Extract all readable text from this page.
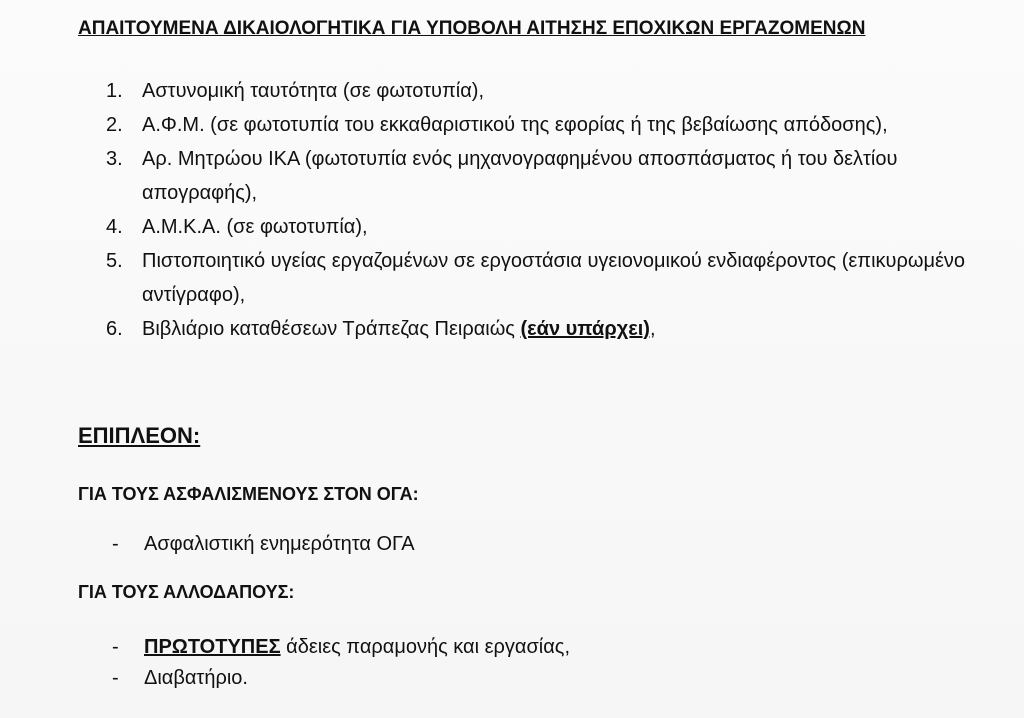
ΑΠΑΙΤΟΥΜΕΝΑ ΔΙΚΑΙΟΛΟΓΗΤΙΚΑ ΓΙΑ ΥΠΟΒΟΛΗ ΑΙΤΗΣΗΣ ΕΠΟΧΙΚΩΝ ΕΡΓΑΖΟΜΕΝΩΝ
1. Αστυνομική ταυτότητα (σε φωτοτυπία),
2. Α.Φ.Μ. (σε φωτοτυπία του εκκαθαριστικού της εφορίας ή της βεβαίωσης απόδοσης),
3. Αρ. Μητρώου ΙΚΑ (φωτοτυπία ενός μηχανογραφημένου αποσπάσματος ή του δελτίου απογραφής),
4. Α.Μ.Κ.Α. (σε φωτοτυπία),
5. Πιστοποιητικό υγείας εργαζομένων σε εργοστάσια υγειονομικού ενδιαφέροντος (επικυρωμένο αντίγραφο),
6. Βιβλιάριο καταθέσεων Τράπεζας Πειραιώς (εάν υπάρχει),
ΕΠΙΠΛΕΟΝ:
ΓΙΑ ΤΟΥΣ ΑΣΦΑΛΙΣΜΕΝΟΥΣ ΣΤΟΝ ΟΓΑ:
- Ασφαλιστική ενημερότητα ΟΓΑ
ΓΙΑ ΤΟΥΣ ΑΛΛΟΔΑΠΟΥΣ:
- ΠΡΩΤΟΤΥΠΕΣ άδειες παραμονής και εργασίας,
- Διαβατήριο.
